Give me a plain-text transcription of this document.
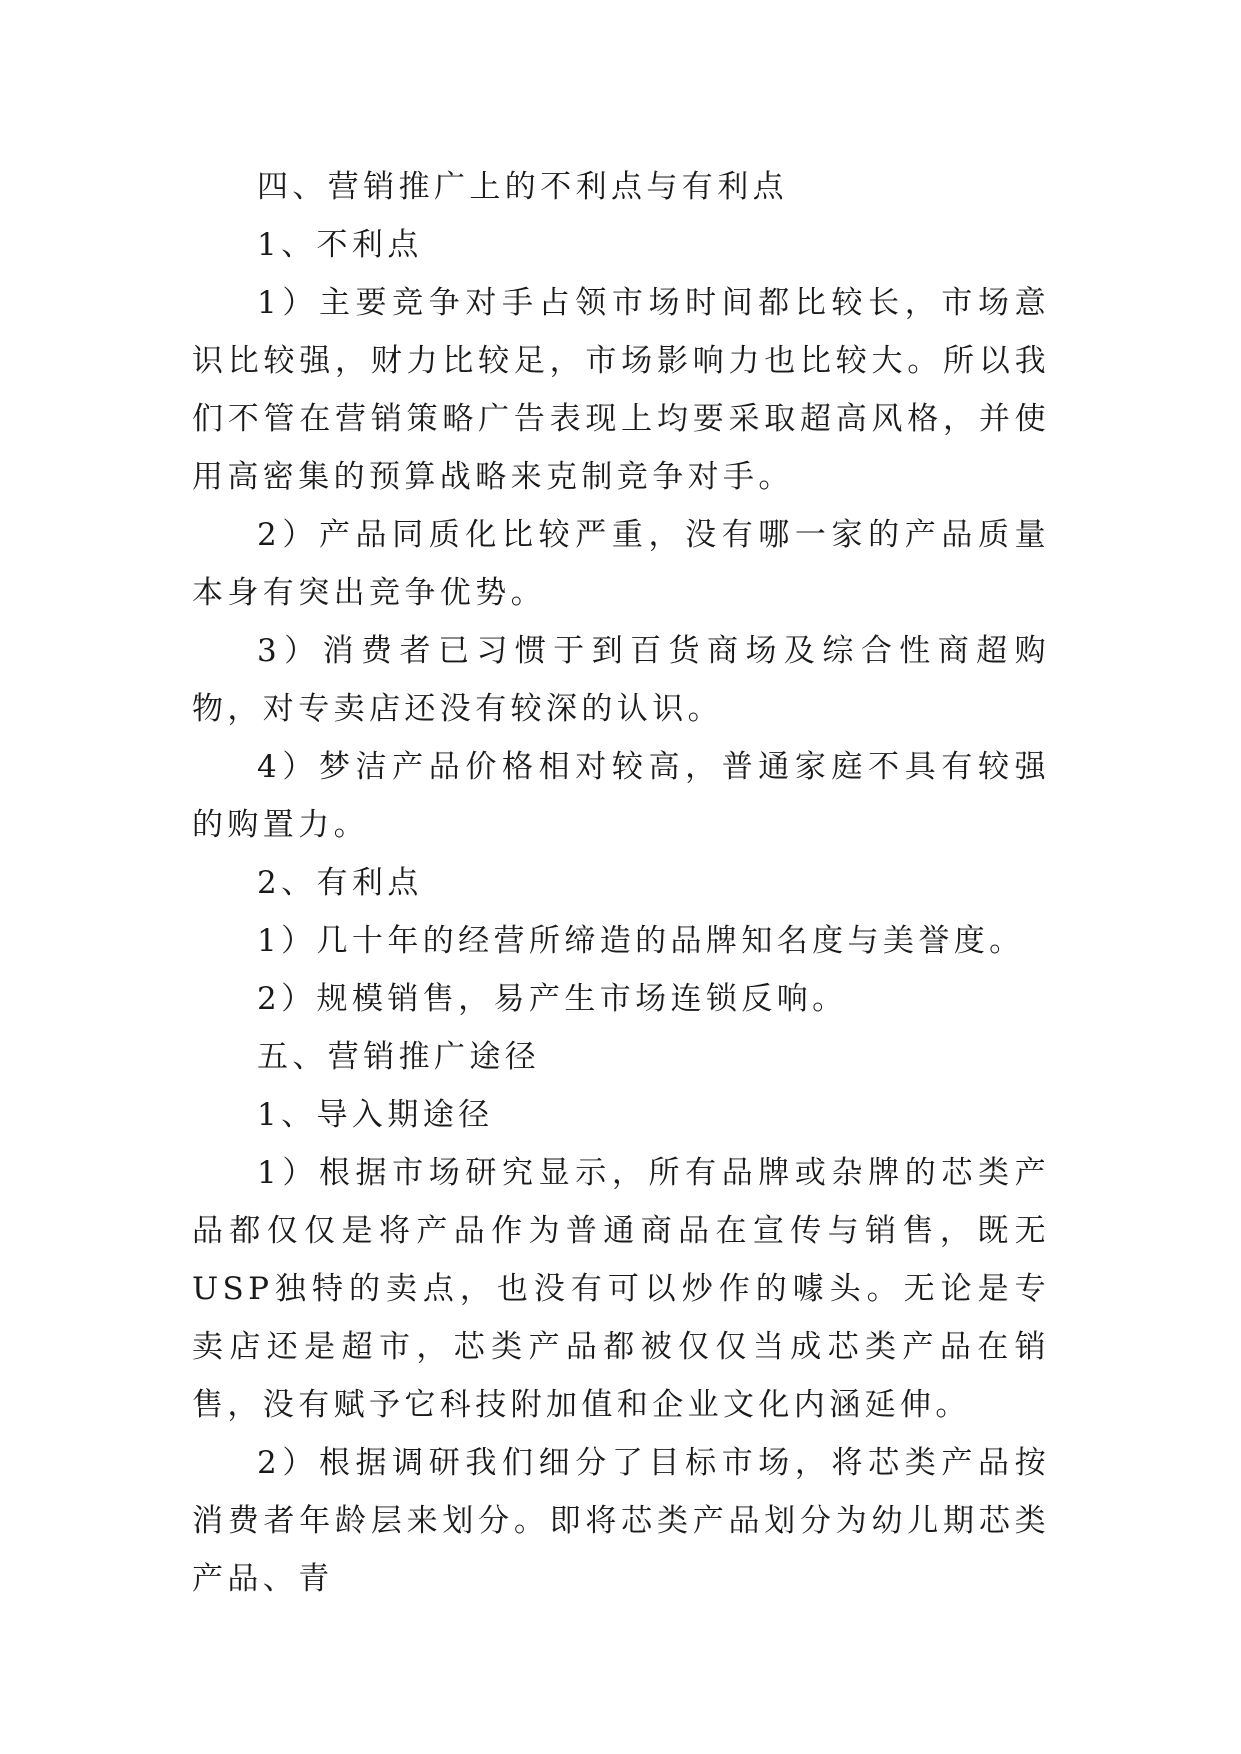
四、营销推广上的不利点与有利点

1、不利点

1）主要竞争对手占领市场时间都比较长，市场意识比较强，财力比较足，市场影响力也比较大。所以我们不管在营销策略广告表现上均要采取超高风格，并使用高密集的预算战略来克制竞争对手。

2）产品同质化比较严重，没有哪一家的产品质量本身有突出竞争优势。

3）消费者已习惯于到百货商场及综合性商超购物，对专卖店还没有较深的认识。

4）梦洁产品价格相对较高，普通家庭不具有较强的购置力。

2、有利点

1）几十年的经营所缔造的品牌知名度与美誉度。

2）规模销售，易产生市场连锁反响。

五、营销推广途径

1、导入期途径

1）根据市场研究显示，所有品牌或杂牌的芯类产品都仅仅是将产品作为普通商品在宣传与销售，既无USP独特的卖点，也没有可以炒作的噱头。无论是专卖店还是超市，芯类产品都被仅仅当成芯类产品在销售，没有赋予它科技附加值和企业文化内涵延伸。

2）根据调研我们细分了目标市场，将芯类产品按消费者年龄层来划分。即将芯类产品划分为幼儿期芯类产品、青
